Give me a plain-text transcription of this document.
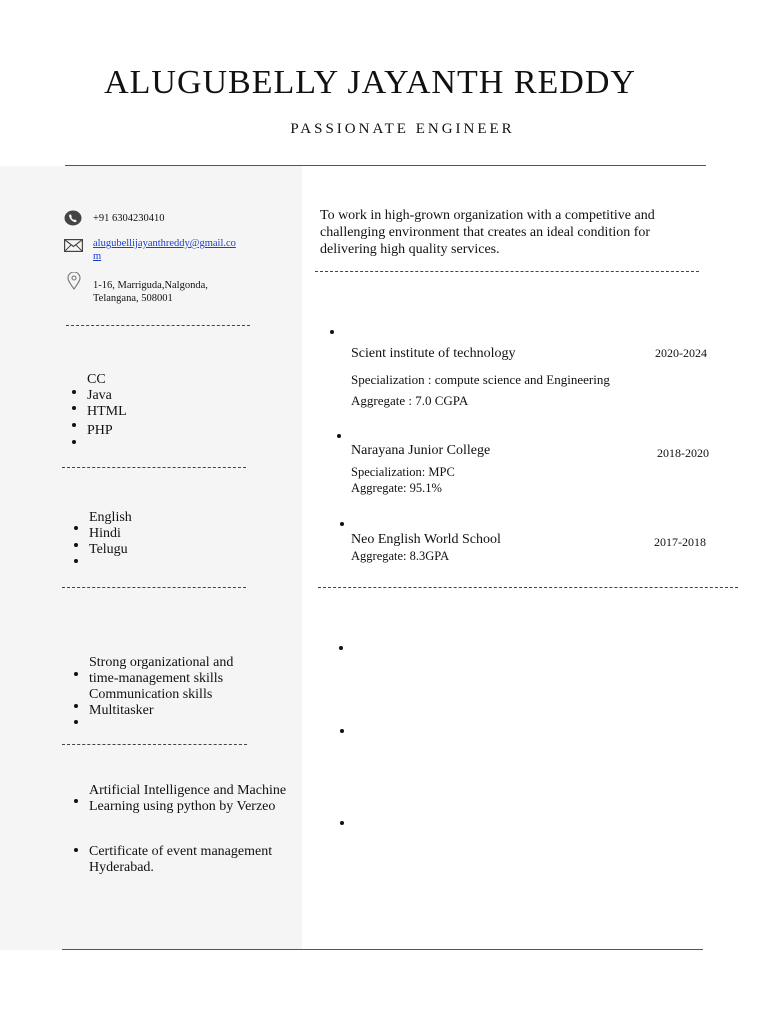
ALUGUBELLY JAYANTH REDDY
PASSIONATE ENGINEER
+91 6304230410
alugubellijayanthreddy@gmail.co
m
1-16, Marriguda,Nalgonda,
Telangana, 508001
CC
Java
HTML
PHP
English
Hindi
Telugu
Strong organizational and
time-management skills
Communication skills
Multitasker
Artificial Intelligence and Machine
Learning using python by Verzeo
Certificate of event management
Hyderabad.
To work in high-grown organization with a competitive and
challenging environment that creates an ideal condition for
delivering high quality services.
Scient institute of technology	2020-2024
Specialization : compute science and Engineering
Aggregate : 7.0 CGPA
Narayana Junior College	2018-2020
Specialization: MPC
Aggregate: 95.1%
Neo English World School	2017-2018
Aggregate: 8.3GPA
